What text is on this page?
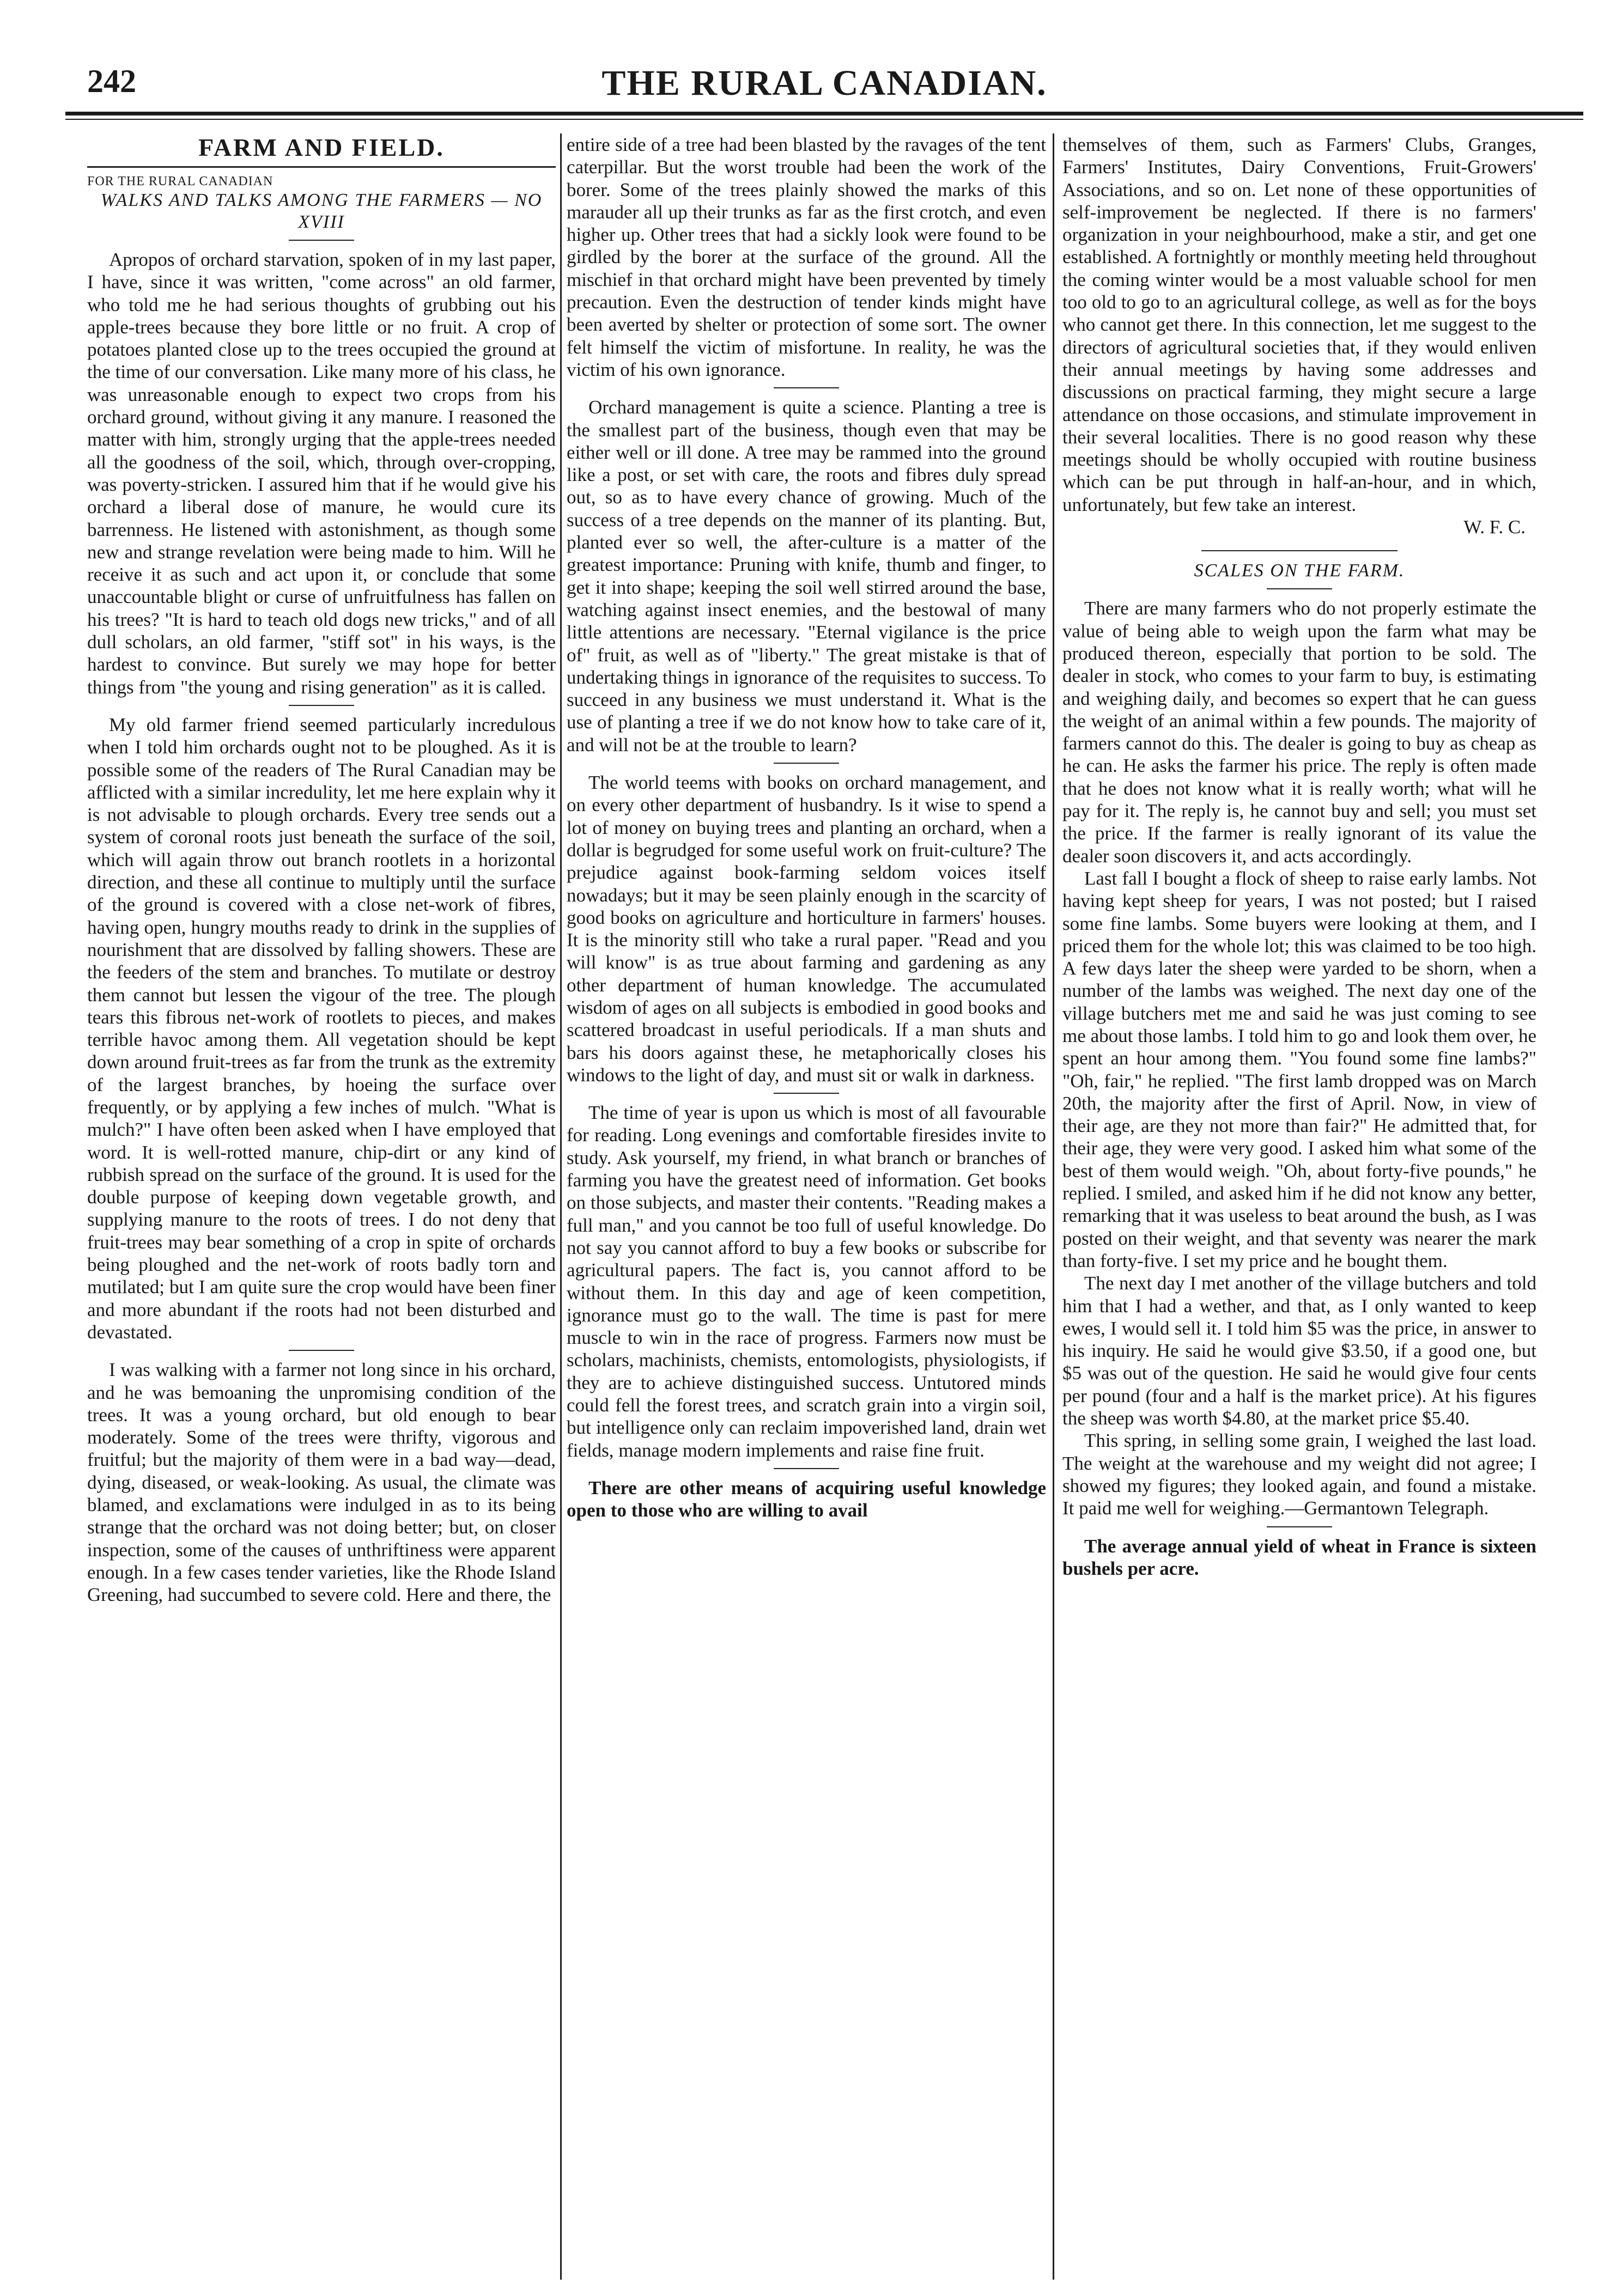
242	THE RURAL CANADIAN.
FARM AND FIELD.
FOR THE RURAL CANADIAN
WALKS AND TALKS AMONG THE FARMERS — NO XVIII

Apropos of orchard starvation, spoken of in my last paper, I have, since it was written, "come across" an old farmer, who told me he had serious thoughts of grubbing out his apple-trees because they bore little or no fruit. A crop of potatoes planted close up to the trees occupied the ground at the time of our conversation. Like many more of his class, he was unreasonable enough to expect two crops from his orchard ground, without giving it any manure. I reasoned the matter with him, strongly urging that the apple-trees needed all the goodness of the soil, which, through over-cropping, was poverty-stricken. I assured him that if he would give his orchard a liberal dose of manure, he would cure its barrenness. He listened with astonishment, as though some new and strange revelation were being made to him. Will he receive it as such and act upon it, or conclude that some unaccountable blight or curse of unfruitfulness has fallen on his trees? "It is hard to teach old dogs new tricks," and of all dull scholars, an old farmer, "stiff sot" in his ways, is the hardest to convince. But surely we may hope for better things from "the young and rising generation" as it is called.

My old farmer friend seemed particularly incredulous when I told him orchards ought not to be ploughed. As it is possible some of the readers of The Rural Canadian may be afflicted with a similar incredulity, let me here explain why it is not advisable to plough orchards. Every tree sends out a system of coronal roots just beneath the surface of the soil, which will again throw out branch rootlets in a horizontal direction, and these all continue to multiply until the surface of the ground is covered with a close net-work of fibres, having open, hungry mouths ready to drink in the supplies of nourishment that are dissolved by falling showers. These are the feeders of the stem and branches. To mutilate or destroy them cannot but lessen the vigour of the tree. The plough tears this fibrous net-work of rootlets to pieces, and makes terrible havoc among them. All vegetation should be kept down around fruit-trees as far from the trunk as the extremity of the largest branches, by hoeing the surface over frequently, or by applying a few inches of mulch. "What is mulch?" I have often been asked when I have employed that word. It is well-rotted manure, chip-dirt or any kind of rubbish spread on the surface of the ground. It is used for the double purpose of keeping down vegetable growth, and supplying manure to the roots of trees. I do not deny that fruit-trees may bear something of a crop in spite of orchards being ploughed and the net-work of roots badly torn and mutilated; but I am quite sure the crop would have been finer and more abundant if the roots had not been disturbed and devastated.

I was walking with a farmer not long since in his orchard, and he was bemoaning the unpromising condition of the trees. It was a young orchard, but old enough to bear moderately. Some of the trees were thrifty, vigorous and fruitful; but the majority of them were in a bad way—dead, dying, diseased, or weak-looking. As usual, the climate was blamed, and exclamations were indulged in as to its being strange that the orchard was not doing better; but, on closer inspection, some of the causes of unthriftiness were apparent enough. In a few cases tender varieties, like the Rhode Island Greening, had succumbed to severe cold. Here and there, the

entire side of a tree had been blasted by the ravages of the tent caterpillar. But the worst trouble had been the work of the borer. Some of the trees plainly showed the marks of this marauder all up their trunks as far as the first crotch, and even higher up. Other trees that had a sickly look were found to be girdled by the borer at the surface of the ground. All the mischief in that orchard might have been prevented by timely precaution. Even the destruction of tender kinds might have been averted by shelter or protection of some sort. The owner felt himself the victim of misfortune. In reality, he was the victim of his own ignorance.

Orchard management is quite a science. Planting a tree is the smallest part of the business, though even that may be either well or ill done. A tree may be rammed into the ground like a post, or set with care, the roots and fibres duly spread out, so as to have every chance of growing. Much of the success of a tree depends on the manner of its planting. But, planted ever so well, the after-culture is a matter of the greatest importance: Pruning with knife, thumb and finger, to get it into shape; keeping the soil well stirred around the base, watching against insect enemies, and the bestowal of many little attentions are necessary. "Eternal vigilance is the price of" fruit, as well as of "liberty." The great mistake is that of undertaking things in ignorance of the requisites to success. To succeed in any business we must understand it. What is the use of planting a tree if we do not know how to take care of it, and will not be at the trouble to learn?

The world teems with books on orchard management, and on every other department of husbandry. Is it wise to spend a lot of money on buying trees and planting an orchard, when a dollar is begrudged for some useful work on fruit-culture? The prejudice against book-farming seldom voices itself nowadays; but it may be seen plainly enough in the scarcity of good books on agriculture and horticulture in farmers' houses. It is the minority still who take a rural paper. "Read and you will know" is as true about farming and gardening as any other department of human knowledge. The accumulated wisdom of ages on all subjects is embodied in good books and scattered broadcast in useful periodicals. If a man shuts and bars his doors against these, he metaphorically closes his windows to the light of day, and must sit or walk in darkness.

The time of year is upon us which is most of all favourable for reading. Long evenings and comfortable firesides invite to study. Ask yourself, my friend, in what branch or branches of farming you have the greatest need of information. Get books on those subjects, and master their contents. "Reading makes a full man," and you cannot be too full of useful knowledge. Do not say you cannot afford to buy a few books or subscribe for agricultural papers. The fact is, you cannot afford to be without them. In this day and age of keen competition, ignorance must go to the wall. The time is past for mere muscle to win in the race of progress. Farmers now must be scholars, machinists, chemists, entomologists, physiologists, if they are to achieve distinguished success. Untutored minds could fell the forest trees, and scratch grain into a virgin soil, but intelligence only can reclaim impoverished land, drain wet fields, manage modern implements and raise fine fruit.

There are other means of acquiring useful knowledge open to those who are willing to avail

themselves of them, such as Farmers' Clubs, Granges, Farmers' Institutes, Dairy Conventions, Fruit-Growers' Associations, and so on. Let none of these opportunities of self-improvement be neglected. If there is no farmers' organization in your neighbourhood, make a stir, and get one established. A fortnightly or monthly meeting held throughout the coming winter would be a most valuable school for men too old to go to an agricultural college, as well as for the boys who cannot get there. In this connection, let me suggest to the directors of agricultural societies that, if they would enliven their annual meetings by having some addresses and discussions on practical farming, they might secure a large attendance on those occasions, and stimulate improvement in their several localities. There is no good reason why these meetings should be wholly occupied with routine business which can be put through in half-an-hour, and in which, unfortunately, but few take an interest.

W. F. C.

SCALES ON THE FARM.

There are many farmers who do not properly estimate the value of being able to weigh upon the farm what may be produced thereon, especially that portion to be sold. The dealer in stock, who comes to your farm to buy, is estimating and weighing daily, and becomes so expert that he can guess the weight of an animal within a few pounds. The majority of farmers cannot do this. The dealer is going to buy as cheap as he can. He asks the farmer his price. The reply is often made that he does not know what it is really worth; what will he pay for it. The reply is, he cannot buy and sell; you must set the price. If the farmer is really ignorant of its value the dealer soon discovers it, and acts accordingly.

Last fall I bought a flock of sheep to raise early lambs. Not having kept sheep for years, I was not posted; but I raised some fine lambs. Some buyers were looking at them, and I priced them for the whole lot; this was claimed to be too high. A few days later the sheep were yarded to be shorn, when a number of the lambs was weighed. The next day one of the village butchers met me and said he was just coming to see me about those lambs. I told him to go and look them over, he spent an hour among them. "You found some fine lambs?" "Oh, fair," he replied. "The first lamb dropped was on March 20th, the majority after the first of April. Now, in view of their age, are they not more than fair?" He admitted that, for their age, they were very good. I asked him what some of the best of them would weigh. "Oh, about forty-five pounds," he replied. I smiled, and asked him if he did not know any better, remarking that it was useless to beat around the bush, as I was posted on their weight, and that seventy was nearer the mark than forty-five. I set my price and he bought them.

The next day I met another of the village butchers and told him that I had a wether, and that, as I only wanted to keep ewes, I would sell it. I told him $5 was the price, in answer to his inquiry. He said he would give $3.50, if a good one, but $5 was out of the question. He said he would give four cents per pound (four and a half is the market price). At his figures the sheep was worth $4.80, at the market price $5.40.

This spring, in selling some grain, I weighed the last load. The weight at the warehouse and my weight did not agree; I showed my figures; they looked again, and found a mistake. It paid me well for weighing.—Germantown Telegraph.

The average annual yield of wheat in France is sixteen bushels per acre.
